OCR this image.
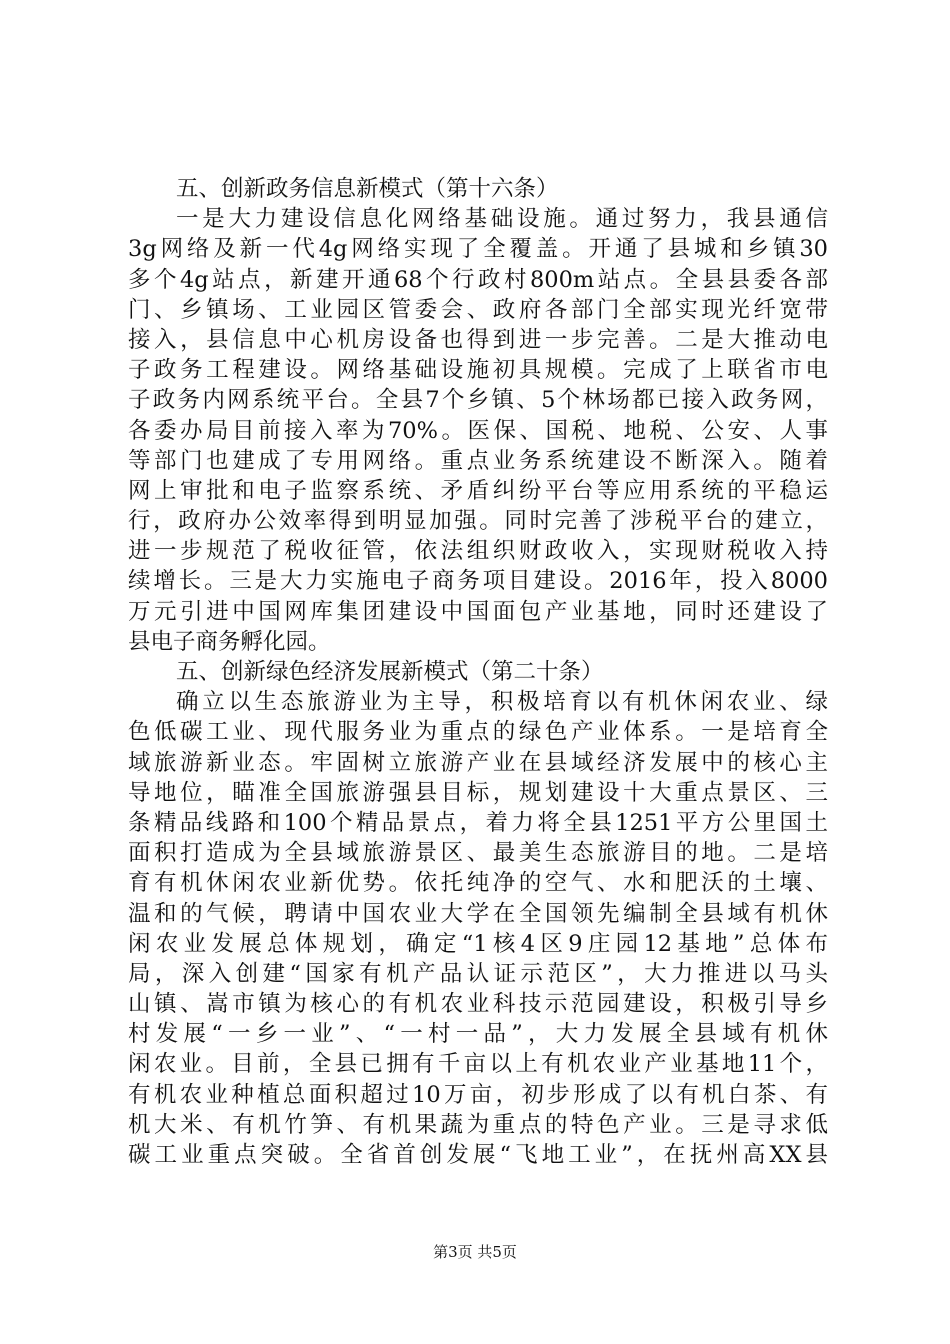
五、创新政务信息新模式（第十六条）
一是大力建设信息化网络基础设施。通过努力，我县通信
3g网络及新一代4g网络实现了全覆盖。开通了县城和乡镇30
多个4g站点，新建开通68个行政村800m站点。全县县委各部
门、乡镇场、工业园区管委会、政府各部门全部实现光纤宽带
接入，县信息中心机房设备也得到进一步完善。二是大推动电
子政务工程建设。网络基础设施初具规模。完成了上联省市电
子政务内网系统平台。全县7个乡镇、5个林场都已接入政务网，
各委办局目前接入率为70%。医保、国税、地税、公安、人事
等部门也建成了专用网络。重点业务系统建设不断深入。随着
网上审批和电子监察系统、矛盾纠纷平台等应用系统的平稳运
行，政府办公效率得到明显加强。同时完善了涉税平台的建立，
进一步规范了税收征管，依法组织财政收入，实现财税收入持
续增长。三是大力实施电子商务项目建设。2016年，投入8000
万元引进中国网库集团建设中国面包产业基地，同时还建设了
县电子商务孵化园。
五、创新绿色经济发展新模式（第二十条）
确立以生态旅游业为主导，积极培育以有机休闲农业、绿
色低碳工业、现代服务业为重点的绿色产业体系。一是培育全
域旅游新业态。牢固树立旅游产业在县域经济发展中的核心主
导地位，瞄准全国旅游强县目标，规划建设十大重点景区、三
条精品线路和100个精品景点，着力将全县1251平方公里国土
面积打造成为全县域旅游景区、最美生态旅游目的地。二是培
育有机休闲农业新优势。依托纯净的空气、水和肥沃的土壤、
温和的气候，聘请中国农业大学在全国领先编制全县域有机休
闲农业发展总体规划，确定“1核4区9庄园12基地”总体布
局，深入创建“国家有机产品认证示范区”，大力推进以马头
山镇、嵩市镇为核心的有机农业科技示范园建设，积极引导乡
村发展“一乡一业”、“一村一品”，大力发展全县域有机休
闲农业。目前，全县已拥有千亩以上有机农业产业基地11个，
有机农业种植总面积超过10万亩，初步形成了以有机白茶、有
机大米、有机竹笋、有机果蔬为重点的特色产业。三是寻求低
碳工业重点突破。全省首创发展“飞地工业”，在抚州高XX县
第3页 共5页
